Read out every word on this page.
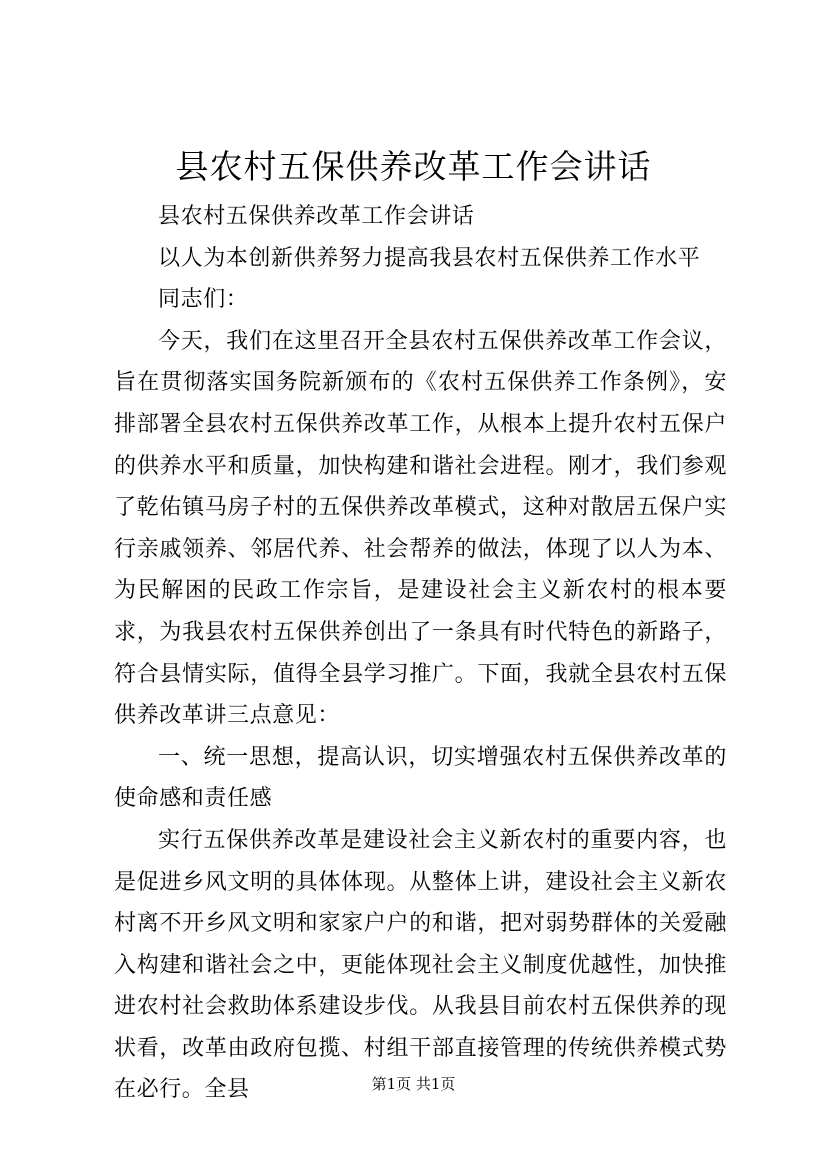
县农村五保供养改革工作会讲话

县农村五保供养改革工作会讲话

以人为本创新供养努力提高我县农村五保供养工作水平

同志们：

今天，我们在这里召开全县农村五保供养改革工作会议，旨在贯彻落实国务院新颁布的《农村五保供养工作条例》，安排部署全县农村五保供养改革工作，从根本上提升农村五保户的供养水平和质量，加快构建和谐社会进程。刚才，我们参观了乾佑镇马房子村的五保供养改革模式，这种对散居五保户实行亲戚领养、邻居代养、社会帮养的做法，体现了以人为本、为民解困的民政工作宗旨，是建设社会主义新农村的根本要求，为我县农村五保供养创出了一条具有时代特色的新路子，符合县情实际，值得全县学习推广。下面，我就全县农村五保供养改革讲三点意见：

一、统一思想，提高认识，切实增强农村五保供养改革的使命感和责任感

实行五保供养改革是建设社会主义新农村的重要内容，也是促进乡风文明的具体体现。从整体上讲，建设社会主义新农村离不开乡风文明和家家户户的和谐，把对弱势群体的关爱融入构建和谐社会之中，更能体现社会主义制度优越性，加快推进农村社会救助体系建设步伐。从我县目前农村五保供养的现状看，改革由政府包揽、村组干部直接管理的传统供养模式势在必行。全县	第1页 共1页
